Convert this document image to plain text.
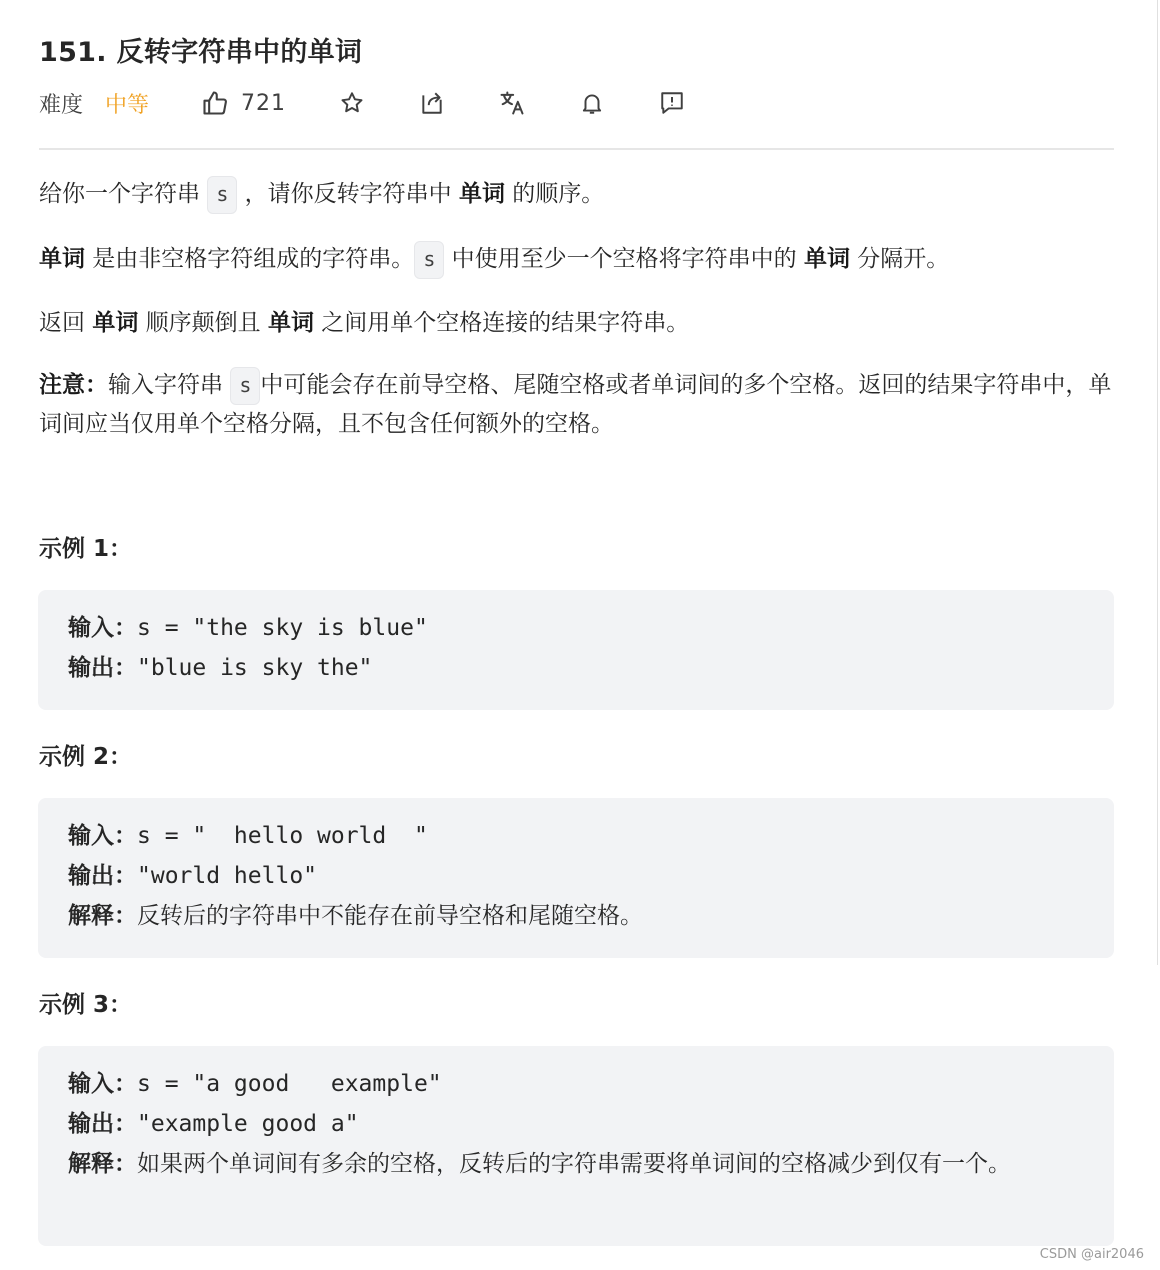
151. 反转字符串中的单词
难度 中等	721

给你一个字符串 s ，请你反转字符串中 单词 的顺序。

单词 是由非空格字符组成的字符串。 s 中使用至少一个空格将字符串中的 单词 分隔开。

返回 单词 顺序颠倒且 单词 之间用单个空格连接的结果字符串。

注意：输入字符串 s 中可能会存在前导空格、尾随空格或者单词间的多个空格。返回的结果字符串中，单词间应当仅用单个空格分隔，且不包含任何额外的空格。

示例 1：
输入：s = "the sky is blue"
输出："blue is sky the"
示例 2：
输入：s = "  hello world  "
输出："world hello"
解释：反转后的字符串中不能存在前导空格和尾随空格。
示例 3：
输入：s = "a good   example"
输出："example good a"
解释：如果两个单词间有多余的空格，反转后的字符串需要将单词间的空格减少到仅有一个。
CSDN @air2046
